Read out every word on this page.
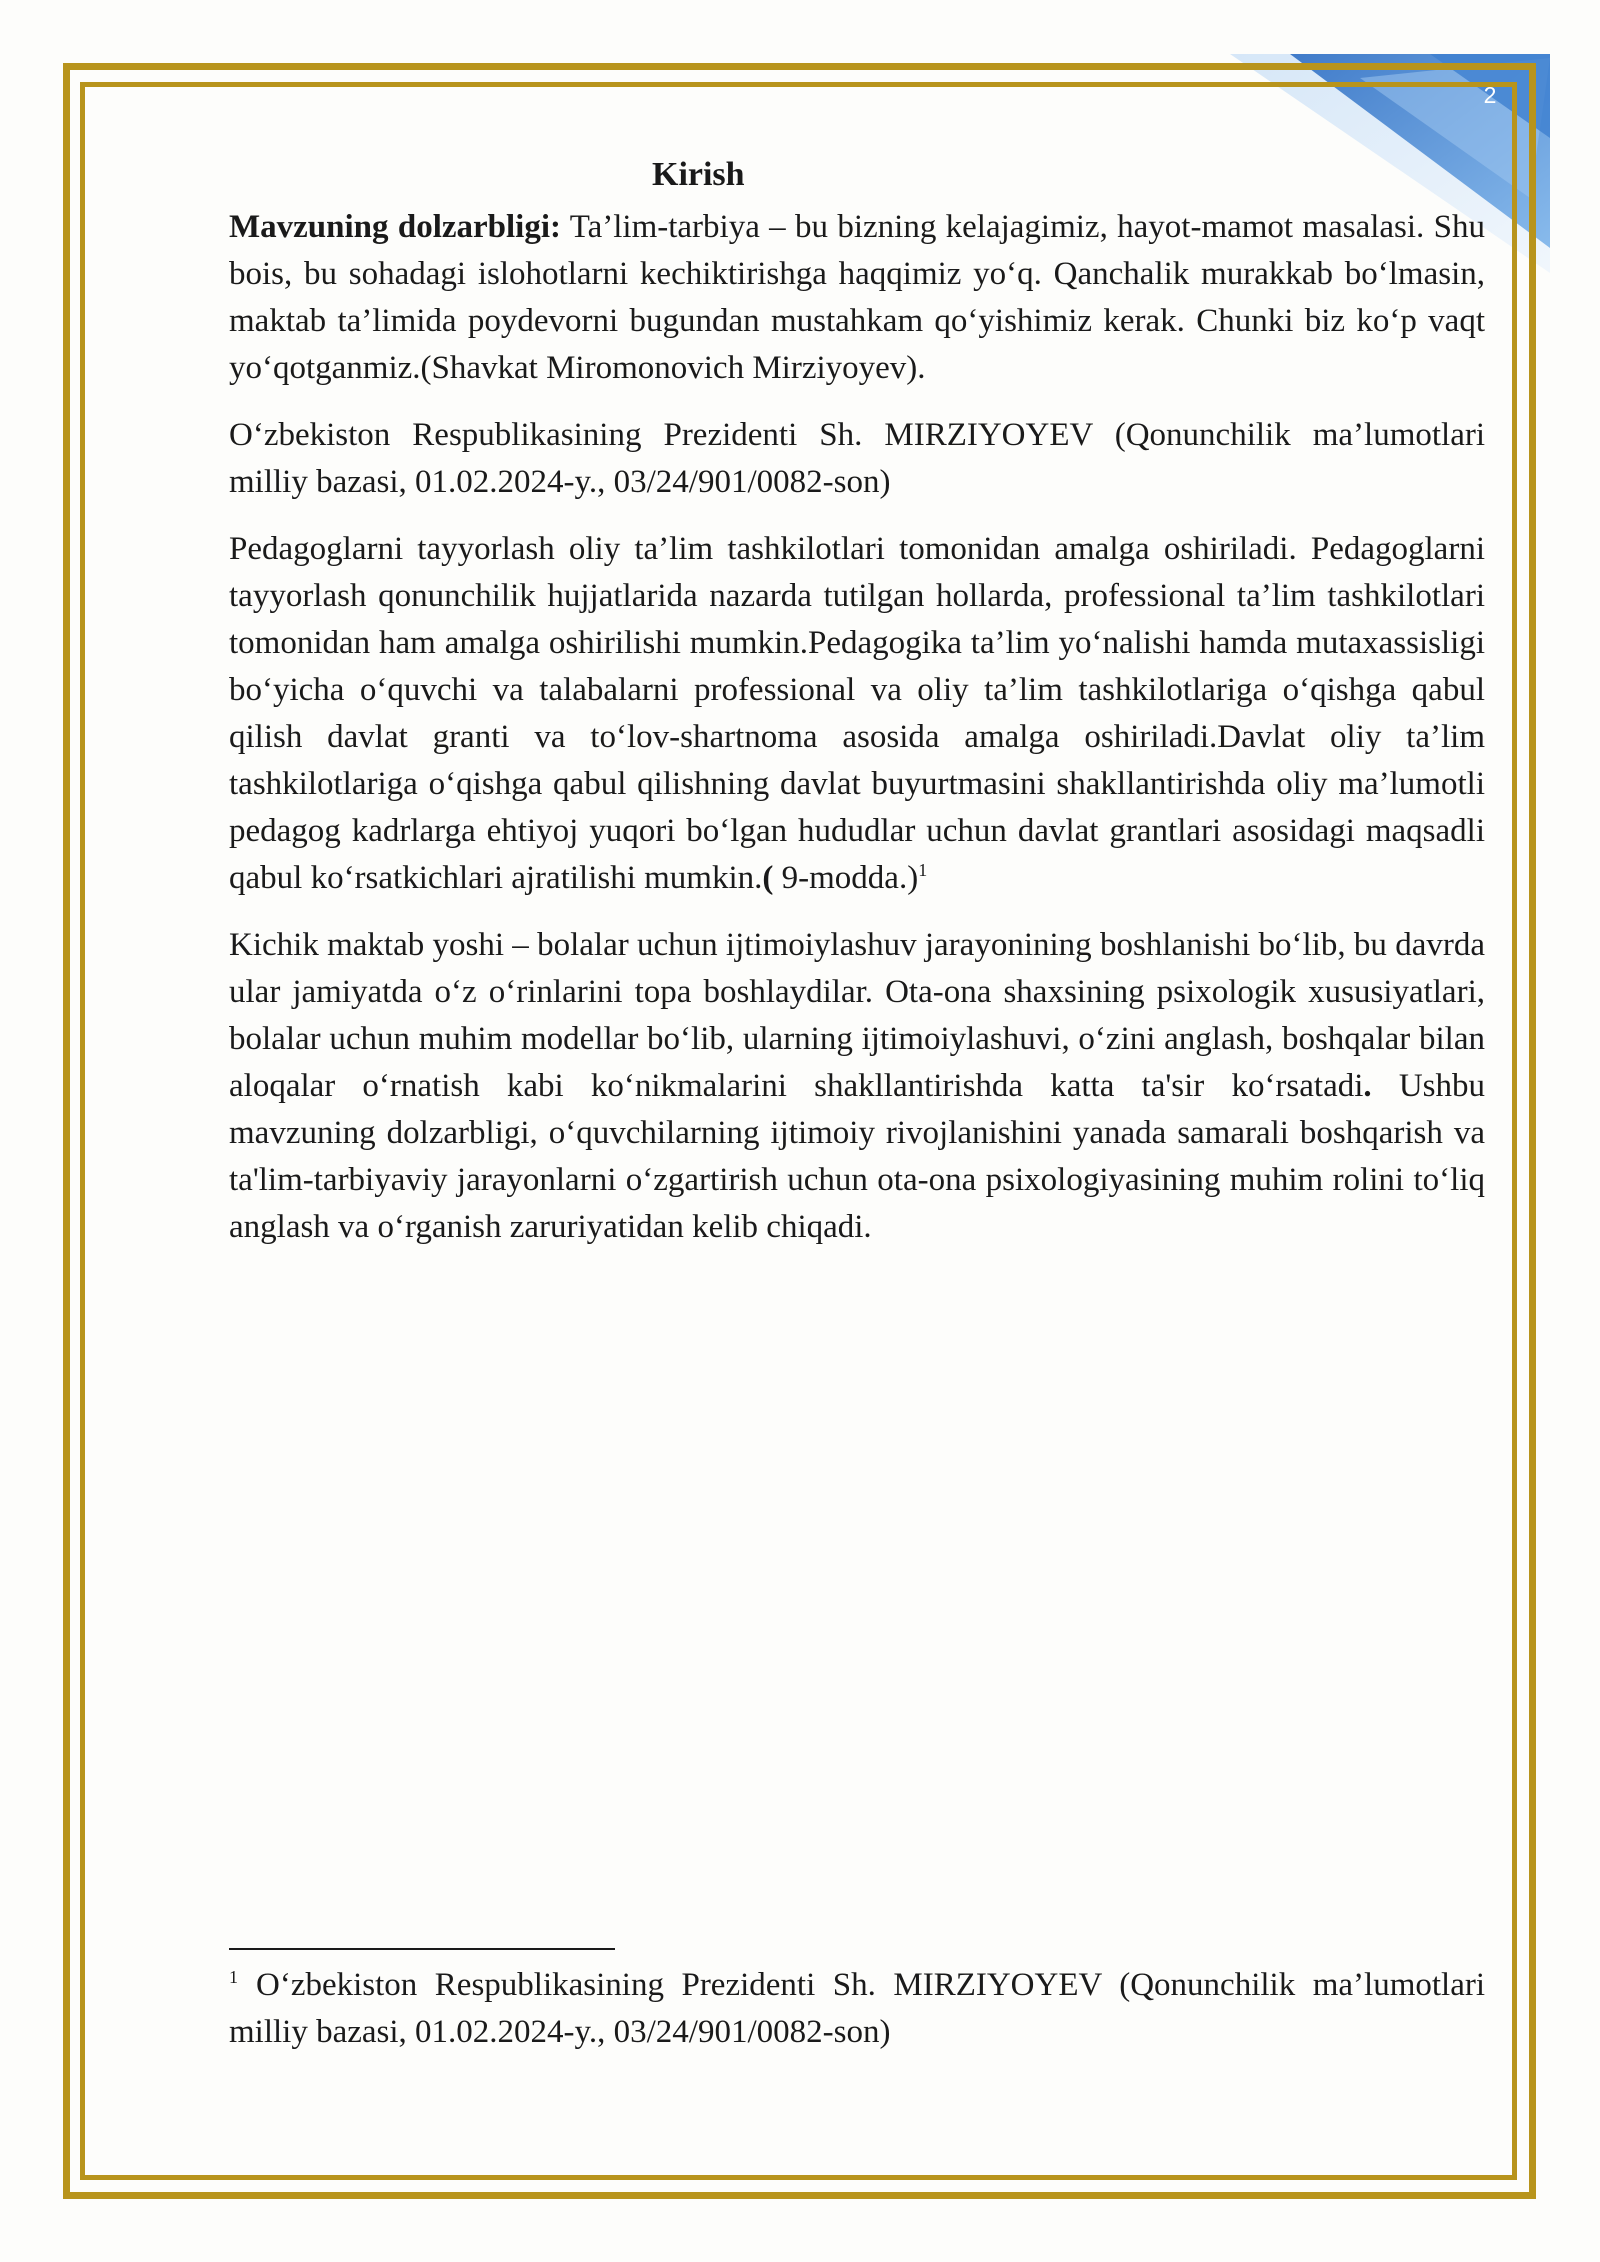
2
Kirish

Mavzuning dolzarbligi: Ta’lim-tarbiya – bu bizning kelajagimiz, hayot-mamot masalasi. Shu bois, bu sohadagi islohotlarni kechiktirishga haqqimiz yo‘q. Qanchalik murakkab bo‘lmasin, maktab ta’limida poydevorni bugundan mustahkam qo‘yishimiz kerak. Chunki biz ko‘p vaqt yo‘qotganmiz.(Shavkat Miromonovich Mirziyoyev).

O‘zbekiston Respublikasining Prezidenti Sh. MIRZIYOYEV (Qonunchilik ma’lumotlari milliy bazasi, 01.02.2024-y., 03/24/901/0082-son)

Pedagoglarni tayyorlash oliy ta’lim tashkilotlari tomonidan amalga oshiriladi. Pedagoglarni tayyorlash qonunchilik hujjatlarida nazarda tutilgan hollarda, professional ta’lim tashkilotlari tomonidan ham amalga oshirilishi mumkin.Pedagogika ta’lim yo‘nalishi hamda mutaxassisligi bo‘yicha o‘quvchi va talabalarni professional va oliy ta’lim tashkilotlariga o‘qishga qabul qilish davlat granti va to‘lov-shartnoma asosida amalga oshiriladi.Davlat oliy ta’lim tashkilotlariga o‘qishga qabul qilishning davlat buyurtmasini shakllantirishda oliy ma’lumotli pedagog kadrlarga ehtiyoj yuqori bo‘lgan hududlar uchun davlat grantlari asosidagi maqsadli qabul ko‘rsatkichlari ajratilishi mumkin.( 9-modda.)$^1$

Kichik maktab yoshi – bolalar uchun ijtimoiylashuv jarayonining boshlanishi bo‘lib, bu davrda ular jamiyatda o‘z o‘rinlarini topa boshlaydilar. Ota-ona shaxsining psixologik xususiyatlari, bolalar uchun muhim modellar bo‘lib, ularning ijtimoiylashuvi, o‘zini anglash, boshqalar bilan aloqalar o‘rnatish kabi ko‘nikmalarini shakllantirishda katta ta'sir ko‘rsatadi. Ushbu mavzuning dolzarbligi, o‘quvchilarning ijtimoiy rivojlanishini yanada samarali boshqarish va ta'lim-tarbiyaviy jarayonlarni o‘zgartirish uchun ota-ona psixologiyasining muhim rolini to‘liq anglash va o‘rganish zaruriyatidan kelib chiqadi.

$^1$ O‘zbekiston Respublikasining Prezidenti Sh. MIRZIYOYEV (Qonunchilik ma’lumotlari milliy bazasi, 01.02.2024-y., 03/24/901/0082-son)
